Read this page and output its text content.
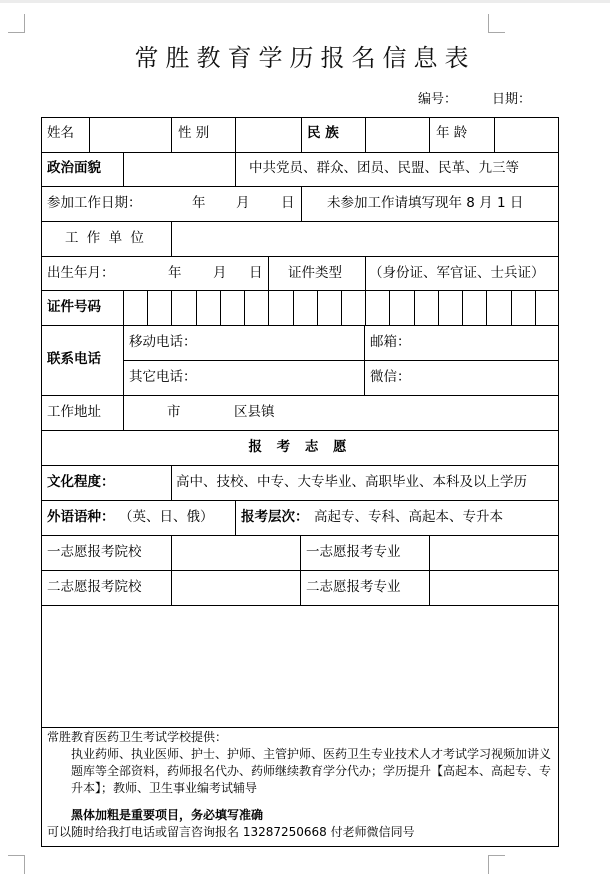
常胜教育学历报名信息表
编号：	日期：
姓名	性 别	民 族	年 龄
政治面貌	中共党员、群众、团员、民盟、民革、九三等
参加工作日期：	年 月 日 未参加工作请填写现年 8 月 1 日
工 作 单 位
出生年月：	年 月 日 证件类型 （身份证、军官证、士兵证）
证件号码
联系电话
移动电话：	邮箱：
其它电话：	微信：
工作地址	市	区县镇
报 考 志 愿
文化程度：	高中、技校、中专、大专毕业、高职毕业、本科及以上学历
外语语种： （英、日、俄） 报考层次： 高起专、专科、高起本、专升本
一志愿报考院校	一志愿报考专业
二志愿报考院校	二志愿报考专业

常胜教育医药卫生考试学校提供：

执业药师、执业医师、护士、护师、主管护师、医药卫生专业技术人才考试学习视频加讲义题库等全部资料，药师报名代办、药师继续教育学分代办；学历提升【高起本、高起专、专升本】；教师、卫生事业编考试辅导

黑体加粗是重要项目，务必填写准确

可以随时给我打电话或留言咨询报名 13287250668 付老师微信同号
